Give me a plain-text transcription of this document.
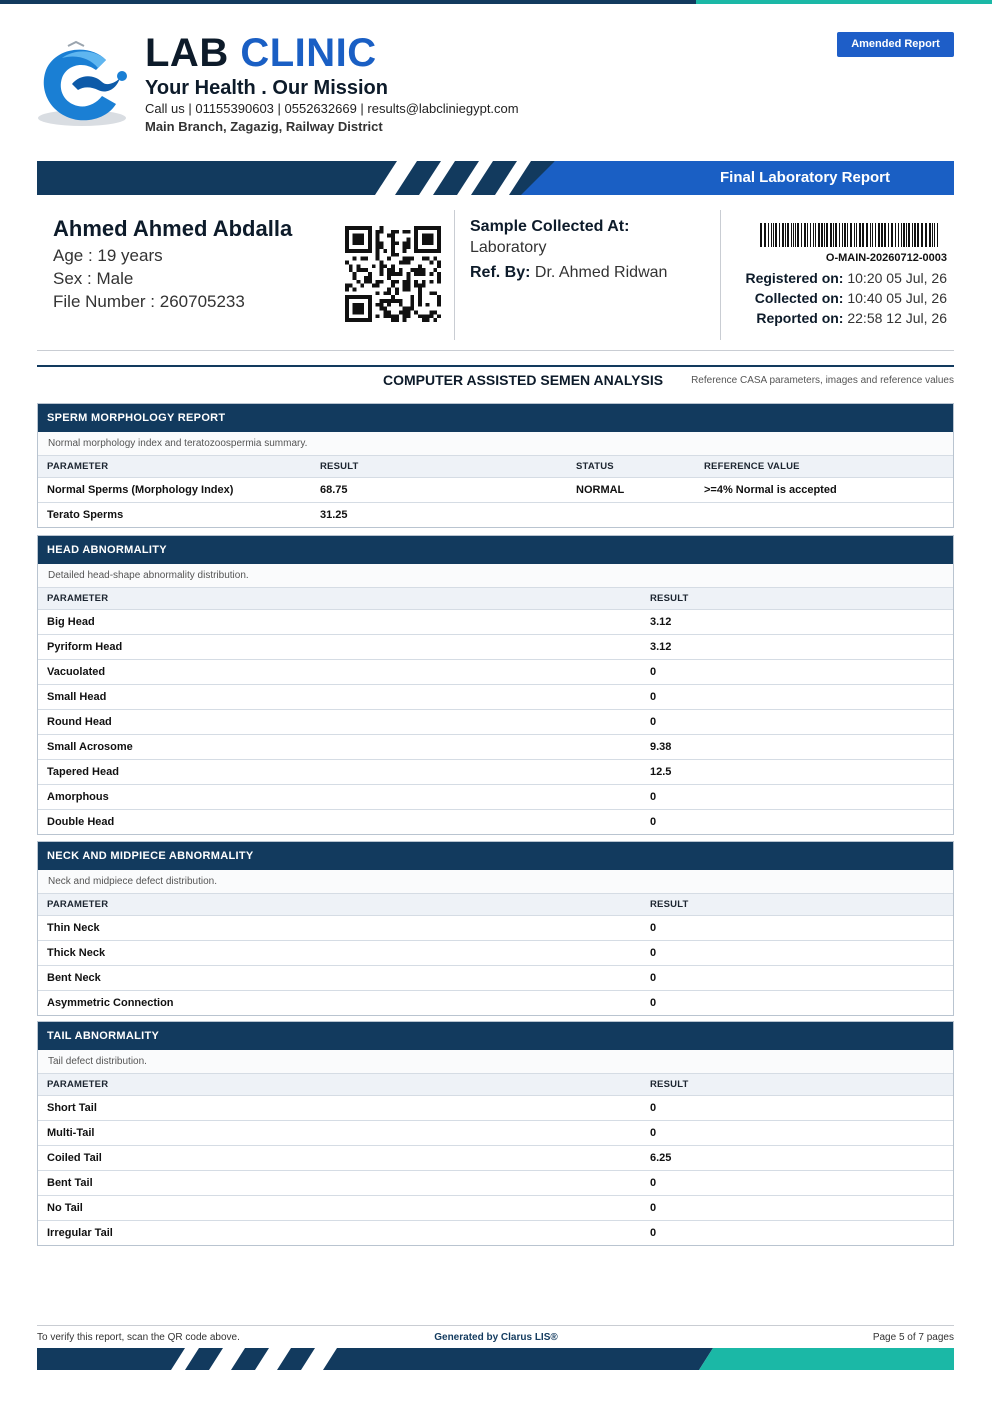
LAB CLINIC
Your Health . Our Mission
Call us | 01155390603 | 0552632669 | results@labcliniegypt.com
Main Branch, Zagazig, Railway District
Amended Report
Final Laboratory Report
Ahmed Ahmed Abdalla
Age : 19 years
Sex : Male
File Number : 260705233
Sample Collected At:
Laboratory
Ref. By: Dr. Ahmed Ridwan
O-MAIN-20260712-0003
Registered on: 10:20 05 Jul, 26
Collected on: 10:40 05 Jul, 26
Reported on: 22:58 12 Jul, 26
COMPUTER ASSISTED SEMEN ANALYSIS	Reference CASA parameters, images and reference values
SPERM MORPHOLOGY REPORT
Normal morphology index and teratozoospermia summary.
PARAMETER	RESULT	STATUS	REFERENCE VALUE
Normal Sperms (Morphology Index)	68.75	NORMAL	>=4% Normal is accepted
Terato Sperms	31.25		
HEAD ABNORMALITY
Detailed head-shape abnormality distribution.
PARAMETER	RESULT
Big Head	3.12
Pyriform Head	3.12
Vacuolated	0
Small Head	0
Round Head	0
Small Acrosome	9.38
Tapered Head	12.5
Amorphous	0
Double Head	0
NECK AND MIDPIECE ABNORMALITY
Neck and midpiece defect distribution.
PARAMETER	RESULT
Thin Neck	0
Thick Neck	0
Bent Neck	0
Asymmetric Connection	0
TAIL ABNORMALITY
Tail defect distribution.
PARAMETER	RESULT
Short Tail	0
Multi-Tail	0
Coiled Tail	6.25
Bent Tail	0
No Tail	0
Irregular Tail	0
To verify this report, scan the QR code above.	Generated by Clarus LIS®	Page 5 of 7 pages
